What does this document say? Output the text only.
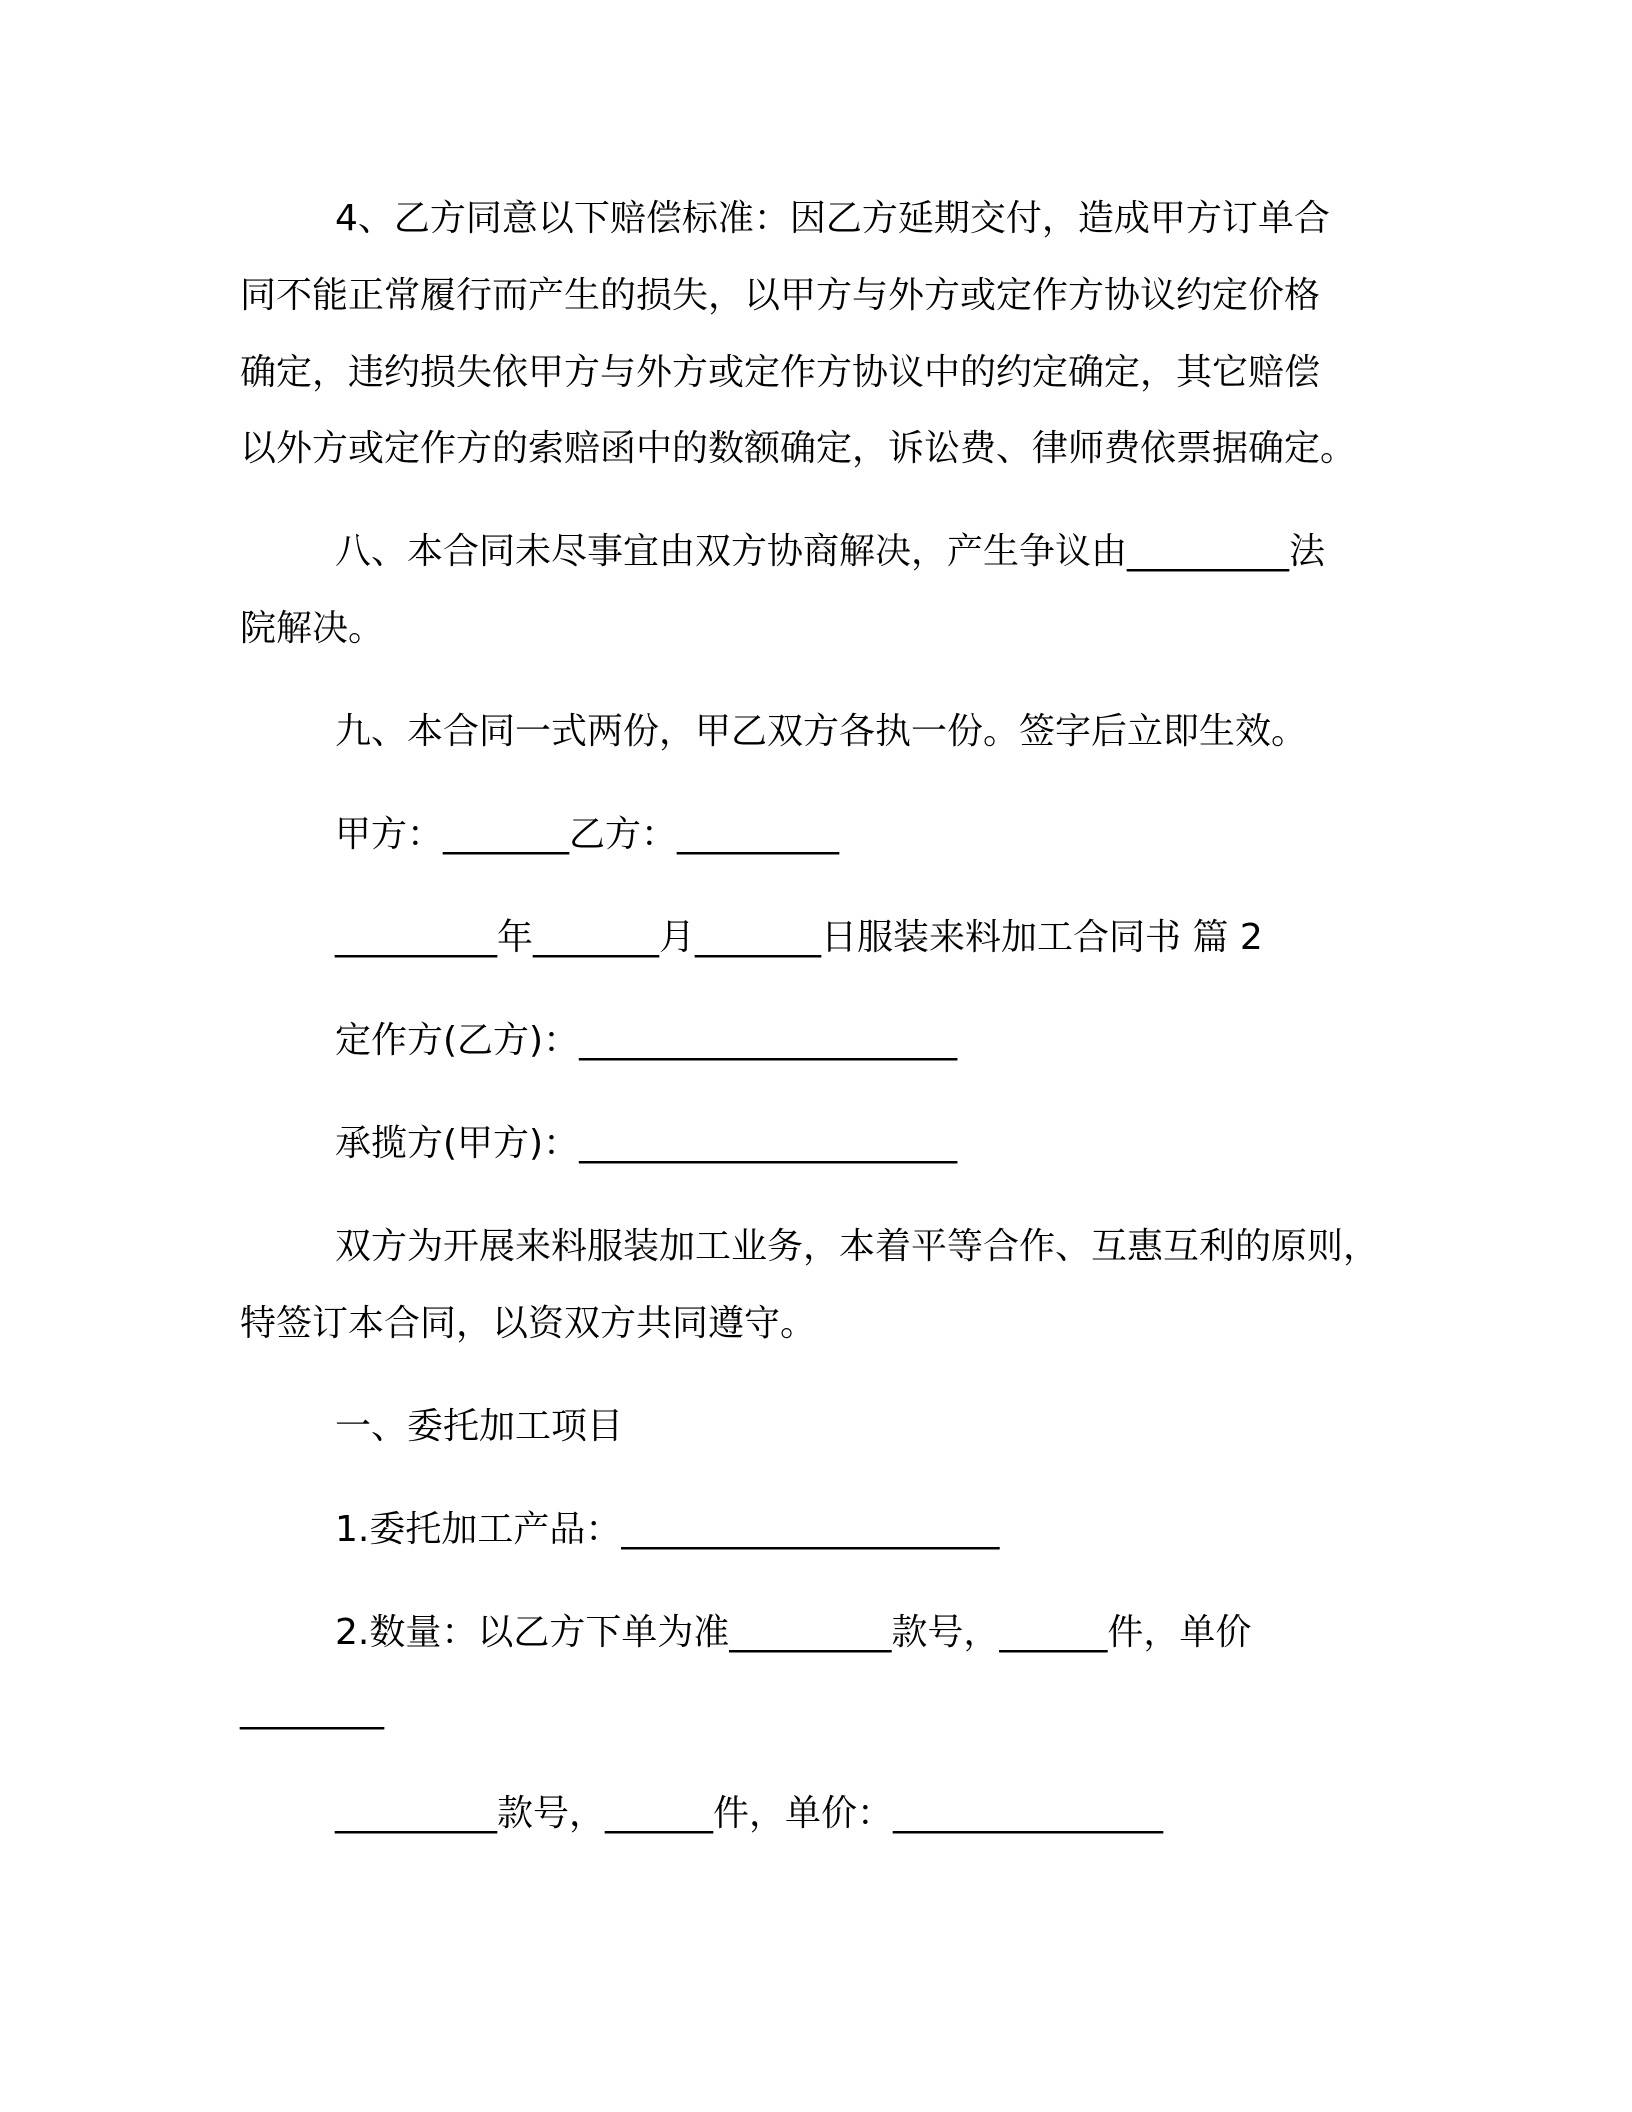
4、乙方同意以下赔偿标准：因乙方延期交付，造成甲方订单合
同不能正常履行而产生的损失，以甲方与外方或定作方协议约定价格
确定，违约损失依甲方与外方或定作方协议中的约定确定，其它赔偿
以外方或定作方的索赔函中的数额确定，诉讼费、律师费依票据确定。
八、本合同未尽事宜由双方协商解决，产生争议由_________法
院解决。
九、本合同一式两份，甲乙双方各执一份。签字后立即生效。
甲方：_______乙方：_________
_________年_______月_______日服装来料加工合同书 篇 2
定作方(乙方)：_____________________
承揽方(甲方)：_____________________
双方为开展来料服装加工业务，本着平等合作、互惠互利的原则，
特签订本合同，以资双方共同遵守。
一、委托加工项目
1.委托加工产品：_____________________
2.数量：以乙方下单为准_________款号，______件，单价
________
_________款号，______件，单价：_______________
